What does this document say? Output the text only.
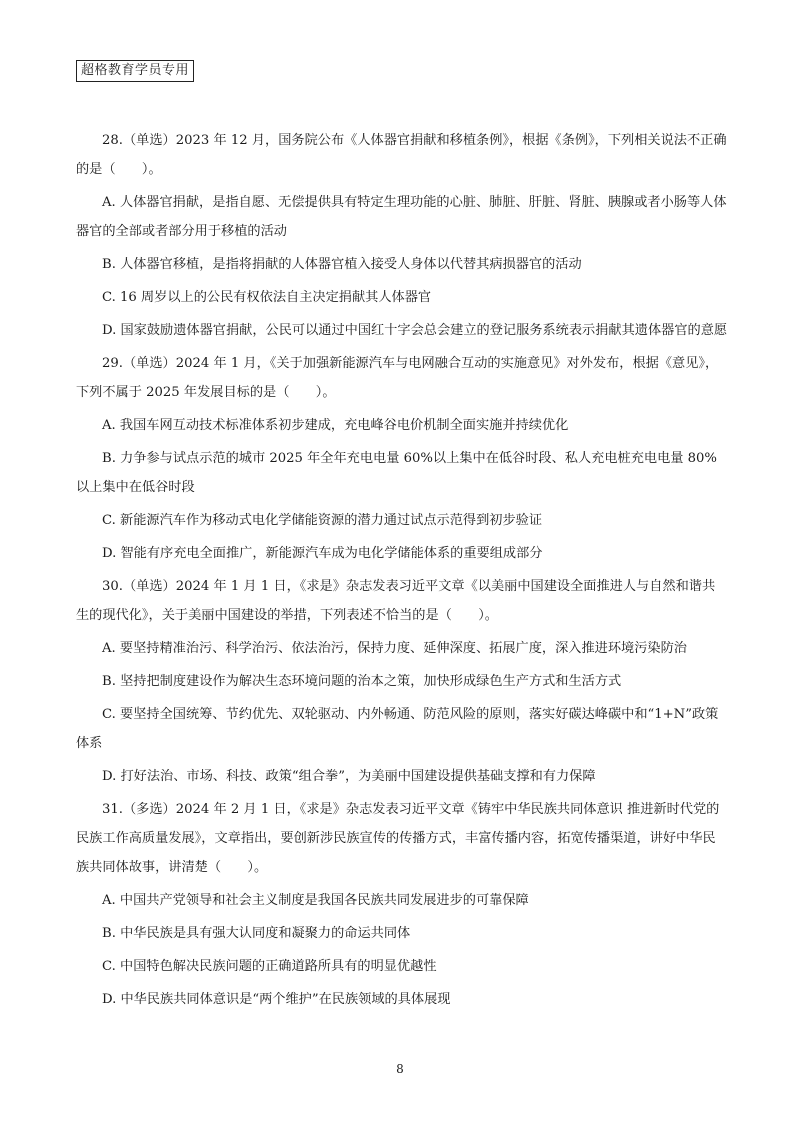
超格教育学员专用

28.（单选）2023 年 12 月，国务院公布《人体器官捐献和移植条例》，根据《条例》，下列相关说法不正确的是（　　）。

A. 人体器官捐献，是指自愿、无偿提供具有特定生理功能的心脏、肺脏、肝脏、肾脏、胰腺或者小肠等人体器官的全部或者部分用于移植的活动

B. 人体器官移植，是指将捐献的人体器官植入接受人身体以代替其病损器官的活动

C. 16 周岁以上的公民有权依法自主决定捐献其人体器官

D. 国家鼓励遗体器官捐献，公民可以通过中国红十字会总会建立的登记服务系统表示捐献其遗体器官的意愿

29.（单选）2024 年 1 月，《关于加强新能源汽车与电网融合互动的实施意见》对外发布，根据《意见》，下列不属于 2025 年发展目标的是（　　）。

A. 我国车网互动技术标准体系初步建成，充电峰谷电价机制全面实施并持续优化

B. 力争参与试点示范的城市 2025 年全年充电电量 60%以上集中在低谷时段、私人充电桩充电电量 80%以上集中在低谷时段

C. 新能源汽车作为移动式电化学储能资源的潜力通过试点示范得到初步验证

D. 智能有序充电全面推广，新能源汽车成为电化学储能体系的重要组成部分

30.（单选）2024 年 1 月 1 日，《求是》杂志发表习近平文章《以美丽中国建设全面推进人与自然和谐共生的现代化》，关于美丽中国建设的举措，下列表述不恰当的是（　　）。

A. 要坚持精准治污、科学治污、依法治污，保持力度、延伸深度、拓展广度，深入推进环境污染防治

B. 坚持把制度建设作为解决生态环境问题的治本之策，加快形成绿色生产方式和生活方式

C. 要坚持全国统筹、节约优先、双轮驱动、内外畅通、防范风险的原则，落实好碳达峰碳中和“1+N”政策体系

D. 打好法治、市场、科技、政策“组合拳”，为美丽中国建设提供基础支撑和有力保障

31.（多选）2024 年 2 月 1 日，《求是》杂志发表习近平文章《铸牢中华民族共同体意识 推进新时代党的民族工作高质量发展》，文章指出，要创新涉民族宣传的传播方式，丰富传播内容，拓宽传播渠道，讲好中华民族共同体故事，讲清楚（　　）。

A. 中国共产党领导和社会主义制度是我国各民族共同发展进步的可靠保障

B. 中华民族是具有强大认同度和凝聚力的命运共同体

C. 中国特色解决民族问题的正确道路所具有的明显优越性

D. 中华民族共同体意识是“两个维护”在民族领域的具体展现

8
